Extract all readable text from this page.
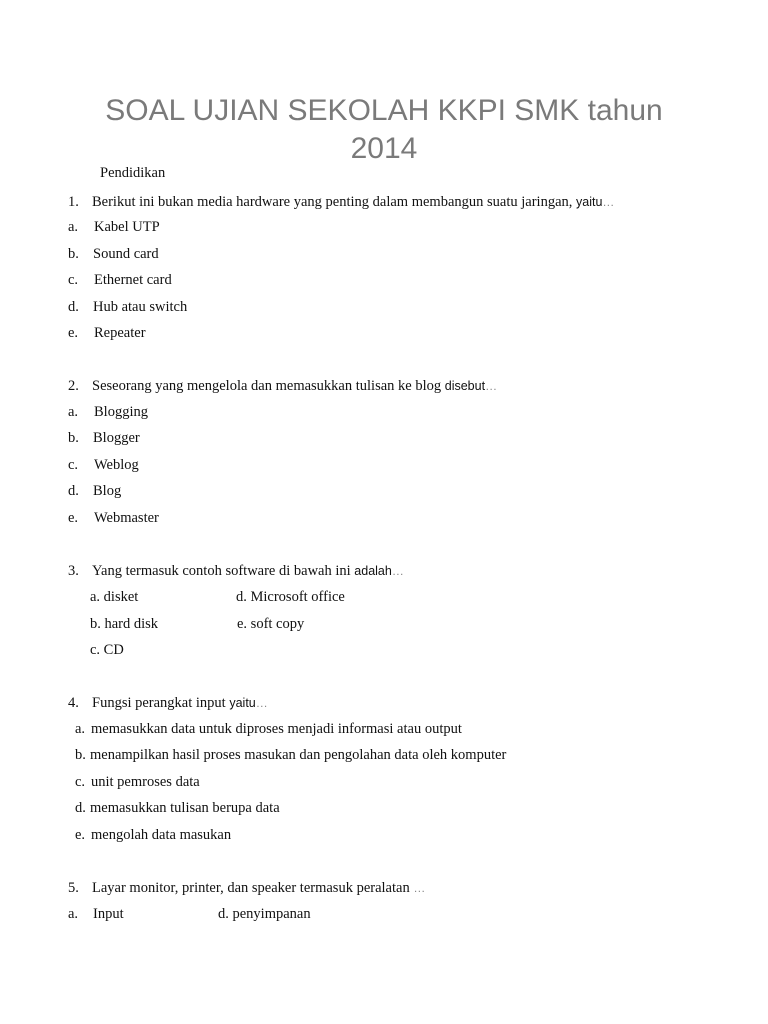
SOAL UJIAN SEKOLAH KKPI SMK tahun
2014
Pendidikan
1. Berikut ini bukan media hardware yang penting dalam membangun suatu jaringan, yaitu…
a. Kabel UTP
b. Sound card
c. Ethernet card
d. Hub atau switch
e. Repeater
2. Seseorang yang mengelola dan memasukkan tulisan ke blog disebut…
a. Blogging
b. Blogger
c. Weblog
d. Blog
e. Webmaster
3. Yang termasuk contoh software di bawah ini adalah…
a. disket	d. Microsoft office
b. hard disk	e. soft copy
c. CD
4. Fungsi perangkat input yaitu…
a. memasukkan data untuk diproses menjadi informasi atau output
b. menampilkan hasil proses masukan dan pengolahan data oleh komputer
c. unit pemroses data
d. memasukkan tulisan berupa data
e. mengolah data masukan
5. Layar monitor, printer, dan speaker termasuk peralatan …
a. Input	d. penyimpanan
